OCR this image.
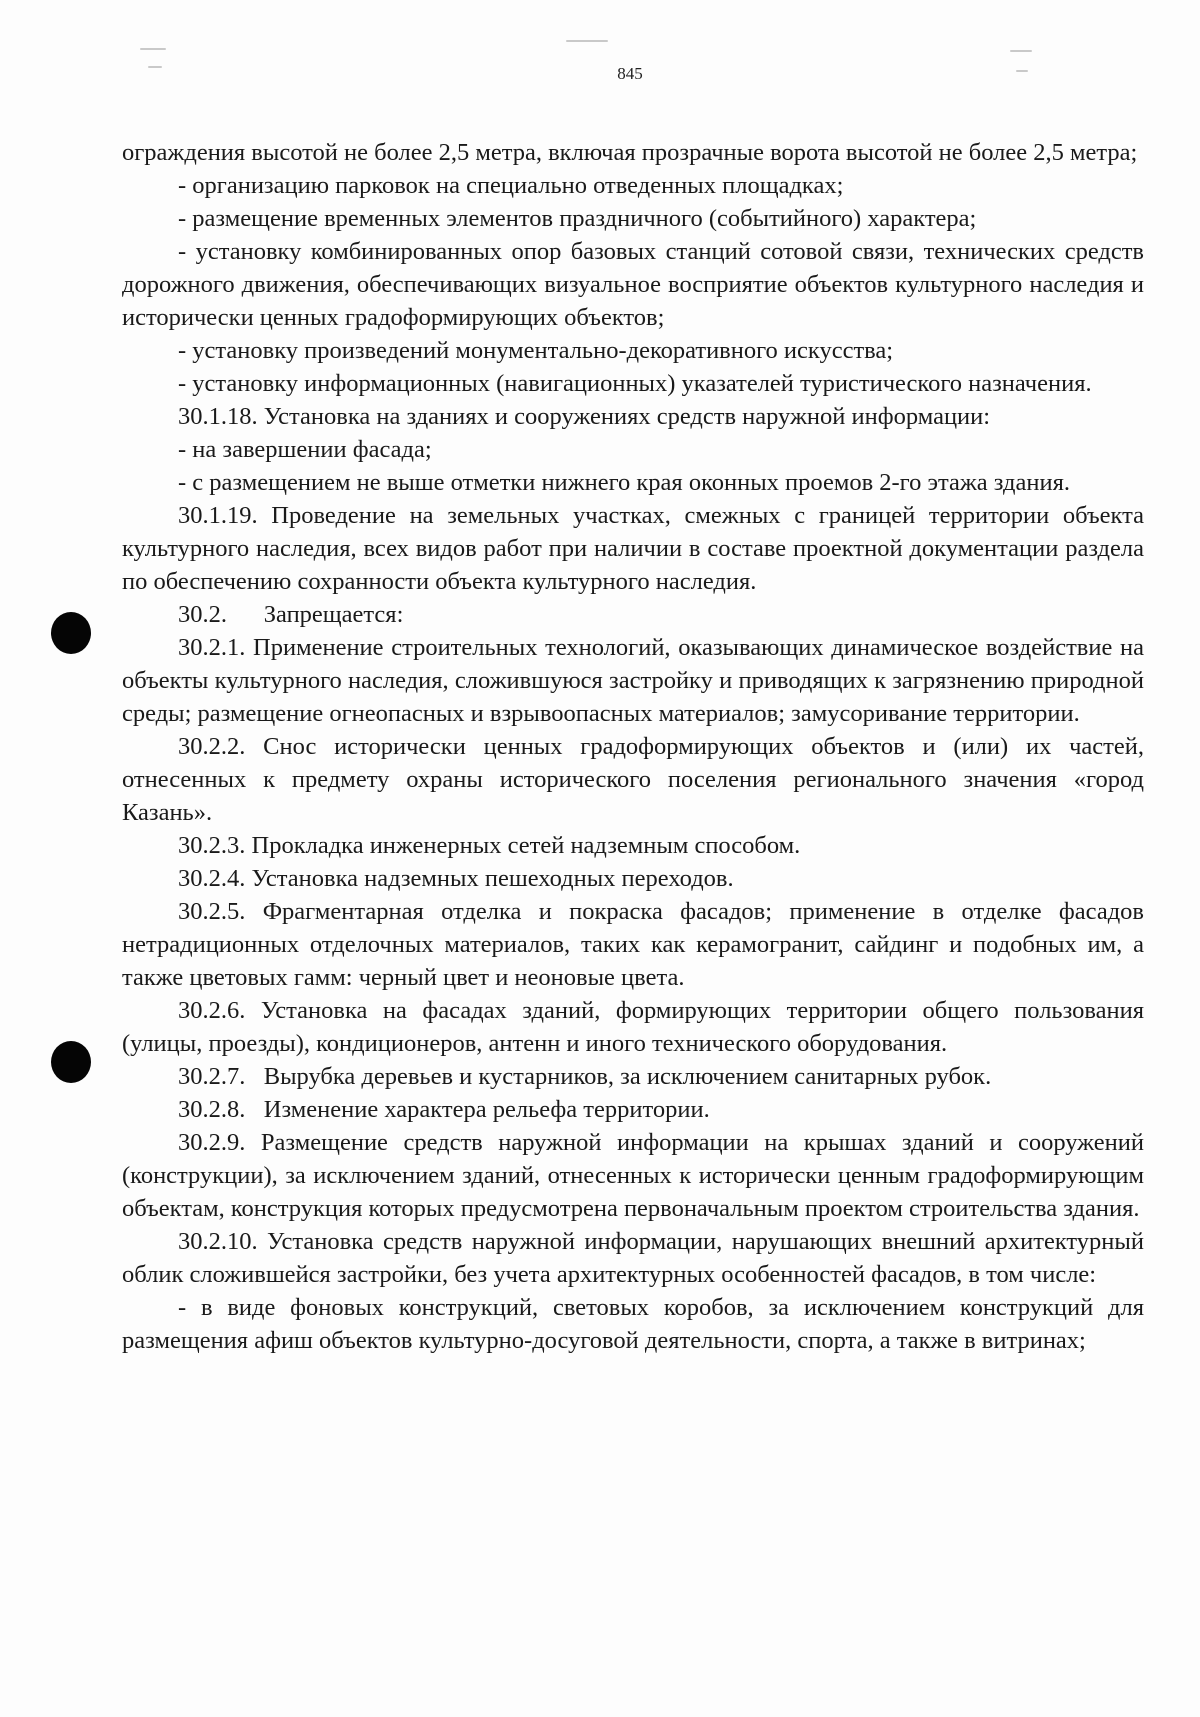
845

ограждения высотой не более 2,5 метра, включая прозрачные ворота высотой не более 2,5 метра;

- организацию парковок на специально отведенных площадках;

- размещение временных элементов праздничного (событийного) характера;

- установку комбинированных опор базовых станций сотовой связи, технических средств дорожного движения, обеспечивающих визуальное восприятие объектов культурного наследия и исторически ценных градоформирующих объектов;

- установку произведений монументально-декоративного искусства;

- установку информационных (навигационных) указателей туристического назначения.

30.1.18. Установка на зданиях и сооружениях средств наружной информации:

- на завершении фасада;

- с размещением не выше отметки нижнего края оконных проемов 2-го этажа здания.

30.1.19. Проведение на земельных участках, смежных с границей территории объекта культурного наследия, всех видов работ при наличии в составе проектной документации раздела по обеспечению сохранности объекта культурного наследия.

30.2.      Запрещается:

30.2.1. Применение строительных технологий, оказывающих динамическое воздействие на объекты культурного наследия, сложившуюся застройку и приводящих к загрязнению природной среды; размещение огнеопасных и взрывоопасных материалов; замусоривание территории.

30.2.2. Снос исторически ценных градоформирующих объектов и (или) их частей, отнесенных к предмету охраны исторического поселения регионального значения «город Казань».

30.2.3. Прокладка инженерных сетей надземным способом.

30.2.4. Установка надземных пешеходных переходов.

30.2.5. Фрагментарная отделка и покраска фасадов; применение в отделке фасадов нетрадиционных отделочных материалов, таких как керамогранит, сайдинг и подобных им, а также цветовых гамм: черный цвет и неоновые цвета.

30.2.6. Установка на фасадах зданий, формирующих территории общего пользования (улицы, проезды), кондиционеров, антенн и иного технического оборудования.

30.2.7.   Вырубка деревьев и кустарников, за исключением санитарных рубок.

30.2.8.   Изменение характера рельефа территории.

30.2.9. Размещение средств наружной информации на крышах зданий и сооружений (конструкции), за исключением зданий, отнесенных к исторически ценным градоформирующим объектам, конструкция которых предусмотрена первоначальным проектом строительства здания.

30.2.10. Установка средств наружной информации, нарушающих внешний архитектурный облик сложившейся застройки, без учета архитектурных особенностей фасадов, в том числе:

- в виде фоновых конструкций, световых коробов, за исключением конструкций для размещения афиш объектов культурно-досуговой деятельности, спорта, а также в витринах;
